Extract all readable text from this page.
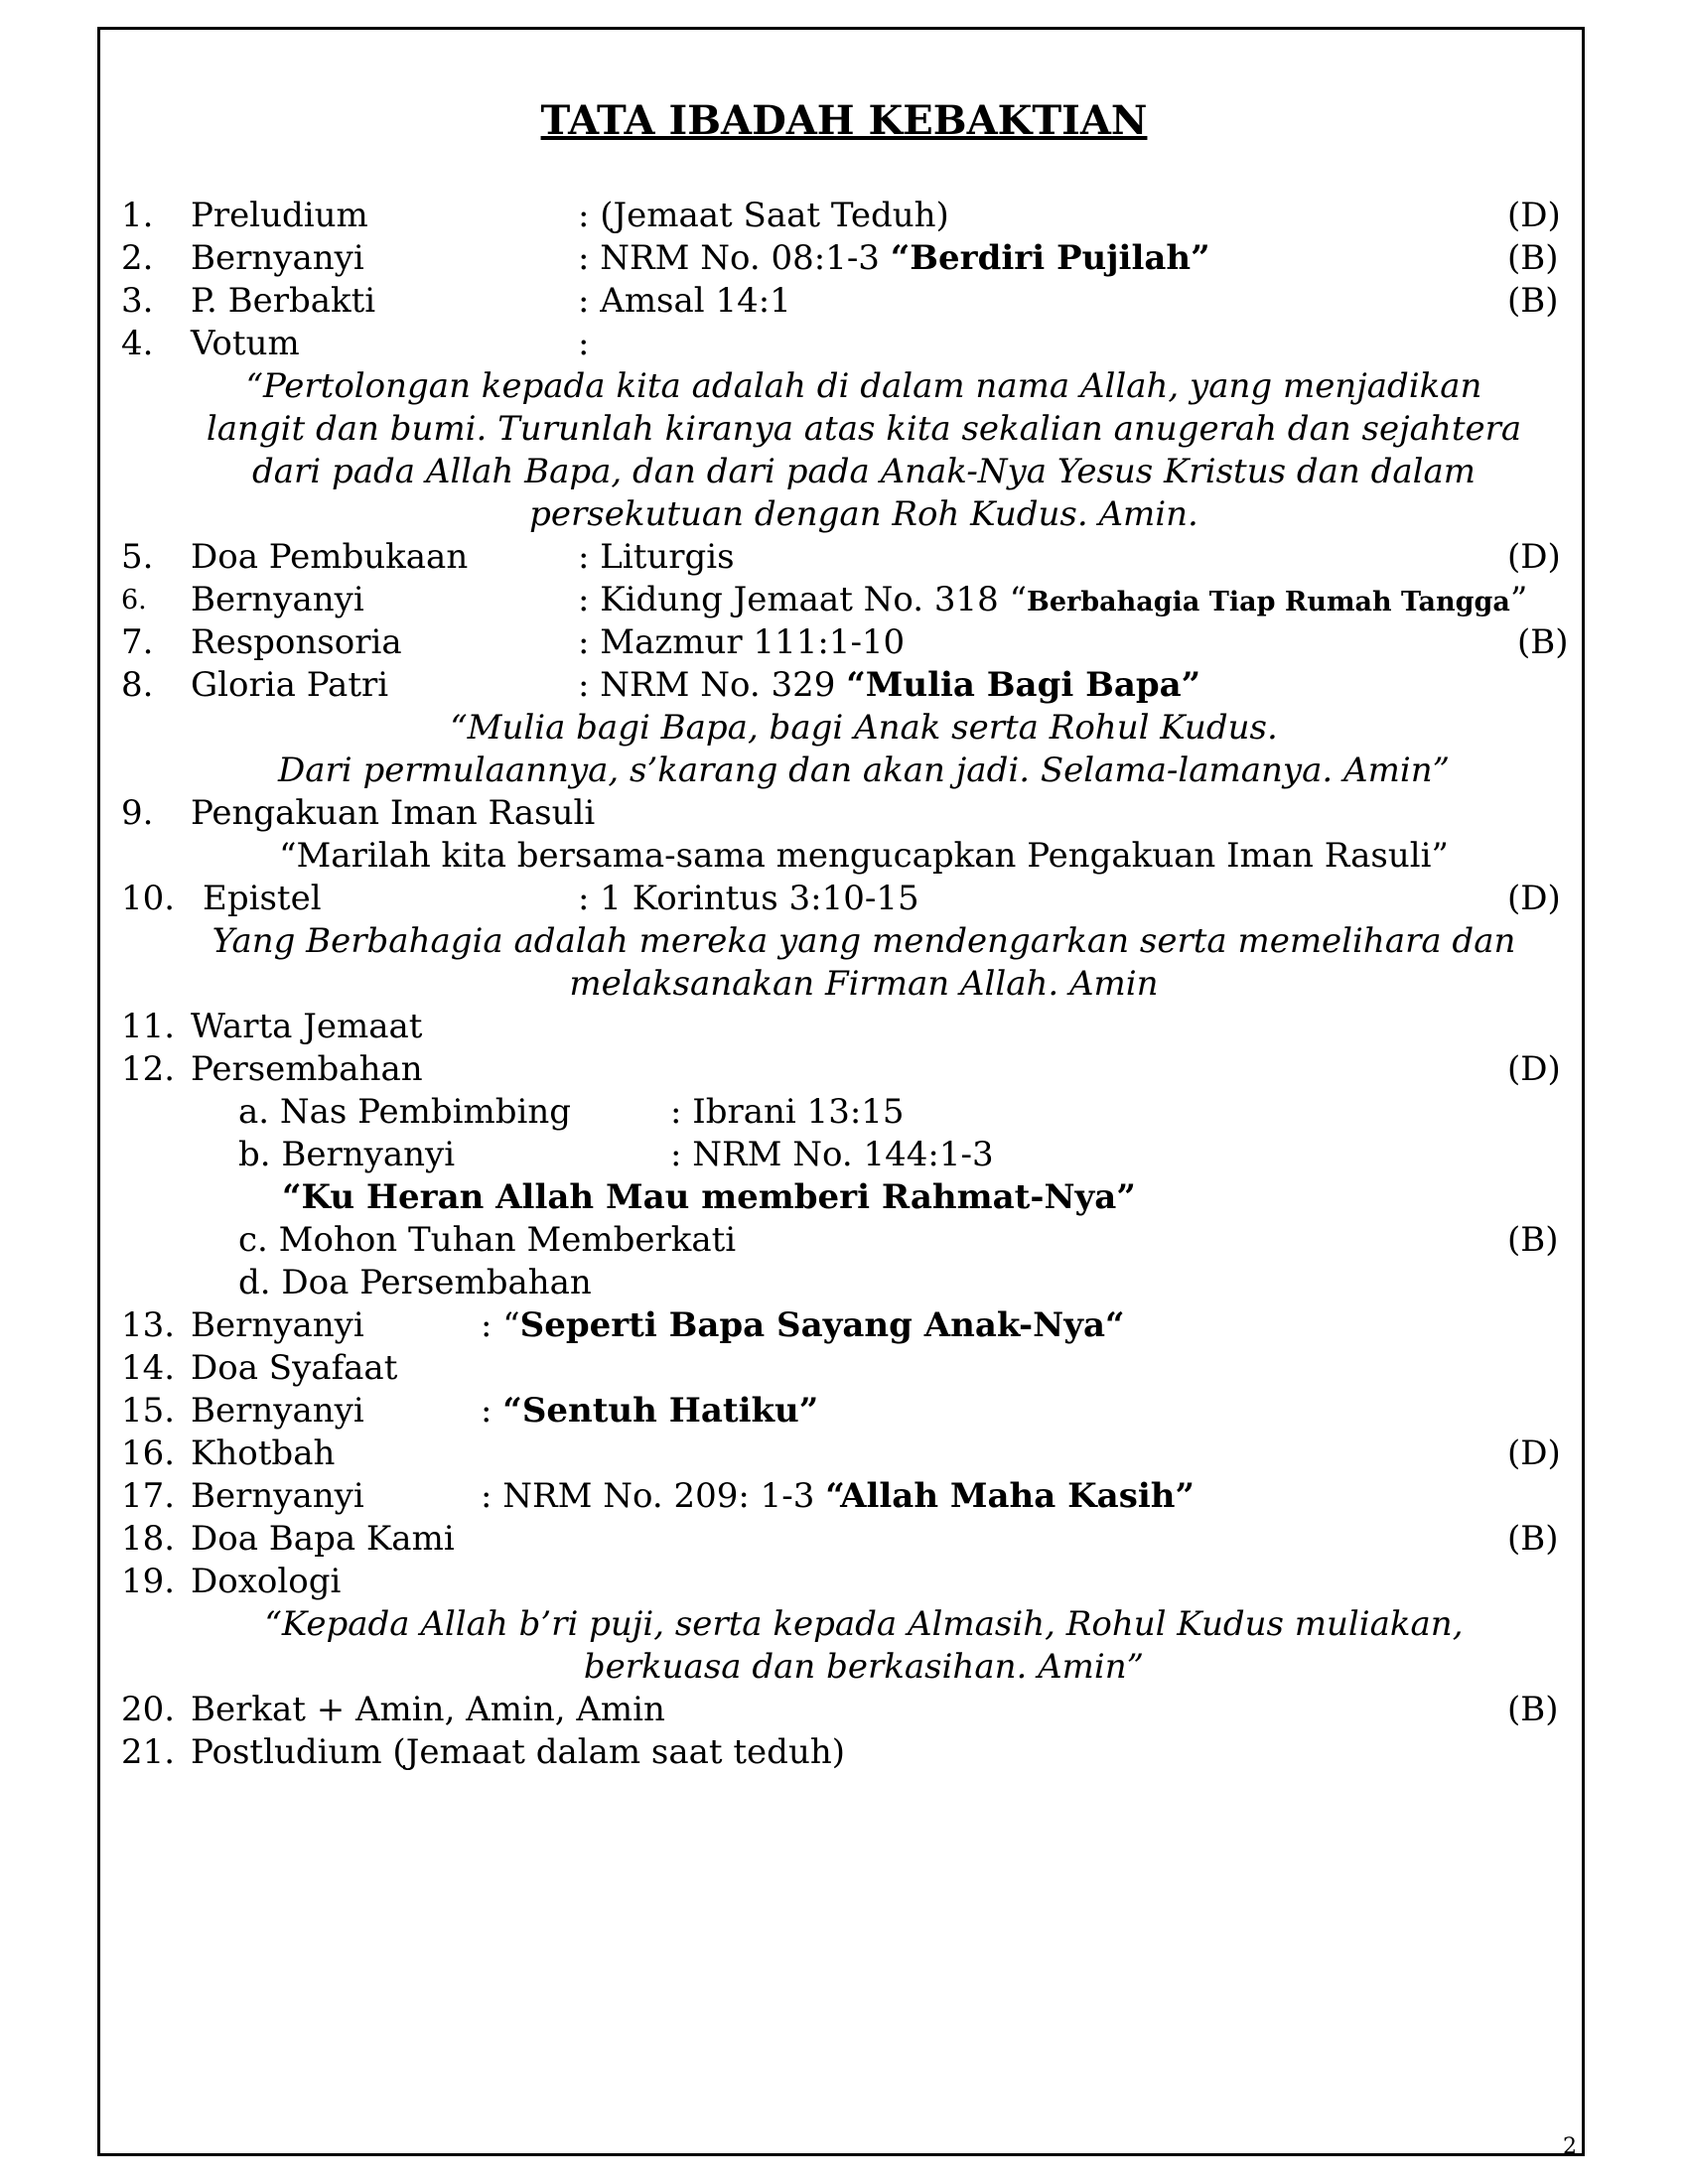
TATA IBADAH KEBAKTIAN
1. Preludium	: (Jemaat Saat Teduh)	(D)
2. Bernyanyi	: NRM No. 08:1-3 “Berdiri Pujilah”	(B)
3. P. Berbakti	: Amsal 14:1	(B)
4. Votum	:
“Pertolongan kepada kita adalah di dalam nama Allah, yang menjadikan
langit dan bumi. Turunlah kiranya atas kita sekalian anugerah dan sejahtera
dari pada Allah Bapa, dan dari pada Anak-Nya Yesus Kristus dan dalam
persekutuan dengan Roh Kudus. Amin.
5. Doa Pembukaan	: Liturgis	(D)
6. Bernyanyi	: Kidung Jemaat No. 318 “Berbahagia Tiap Rumah Tangga”
7. Responsoria	: Mazmur 111:1-10	(B)
8. Gloria Patri	: NRM No. 329 “Mulia Bagi Bapa”
“Mulia bagi Bapa, bagi Anak serta Rohul Kudus.
Dari permulaannya, s’karang dan akan jadi. Selama-lamanya. Amin”
9. Pengakuan Iman Rasuli
“Marilah kita bersama-sama mengucapkan Pengakuan Iman Rasuli”
10. Epistel	: 1 Korintus 3:10-15	(D)
Yang Berbahagia adalah mereka yang mendengarkan serta memelihara dan
melaksanakan Firman Allah. Amin
11. Warta Jemaat
12. Persembahan	(D)
a. Nas Pembimbing	: Ibrani 13:15
b. Bernyanyi	: NRM No. 144:1-3
“Ku Heran Allah Mau memberi Rahmat-Nya”
c. Mohon Tuhan Memberkati	(B)
d. Doa Persembahan
13. Bernyanyi	: “Seperti Bapa Sayang Anak-Nya“
14. Doa Syafaat
15. Bernyanyi	: “Sentuh Hatiku”
16. Khotbah	(D)
17. Bernyanyi	: NRM No. 209: 1-3 “Allah Maha Kasih”
18. Doa Bapa Kami	(B)
19. Doxologi
“Kepada Allah b’ri puji, serta kepada Almasih, Rohul Kudus muliakan,
berkuasa dan berkasihan. Amin”
20. Berkat + Amin, Amin, Amin	(B)
21. Postludium (Jemaat dalam saat teduh)
2
